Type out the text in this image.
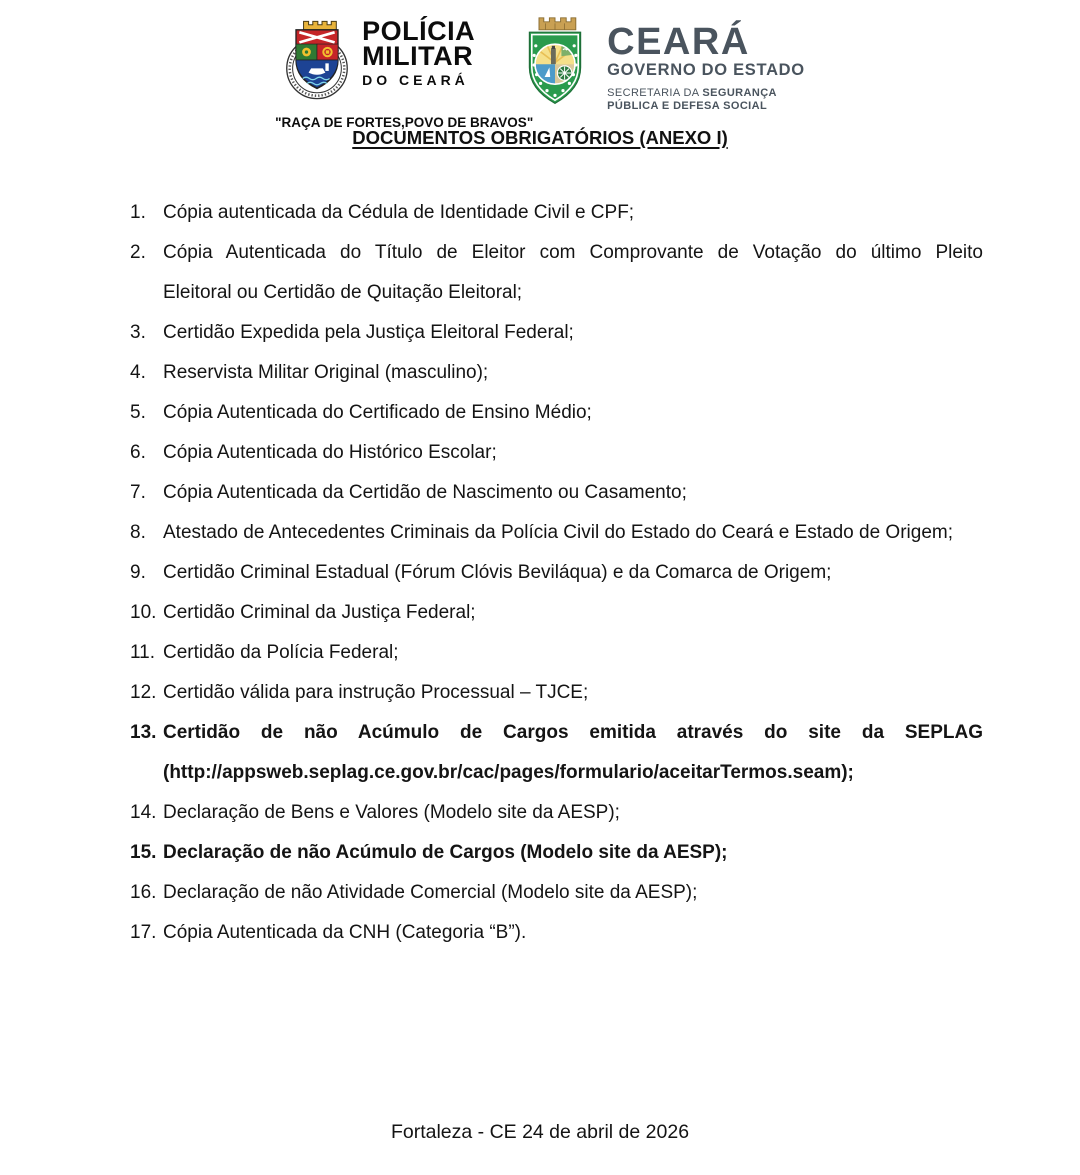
POLÍCIA
MILITAR
DO CEARÁ
"RAÇA DE FORTES,POVO DE BRAVOS"
CEARÁ
GOVERNO DO ESTADO
SECRETARIA DA SEGURANÇA
PÚBLICA E DEFESA SOCIAL
DOCUMENTOS OBRIGATÓRIOS (ANEXO I)
1. Cópia autenticada da Cédula de Identidade Civil e CPF;
2. Cópia Autenticada do Título de Eleitor com Comprovante de Votação do último Pleito Eleitoral ou Certidão de Quitação Eleitoral;
3. Certidão Expedida pela Justiça Eleitoral Federal;
4. Reservista Militar Original (masculino);
5. Cópia Autenticada do Certificado de Ensino Médio;
6. Cópia Autenticada do Histórico Escolar;
7. Cópia Autenticada da Certidão de Nascimento ou Casamento;
8. Atestado de Antecedentes Criminais da Polícia Civil do Estado do Ceará e Estado de Origem;
9. Certidão Criminal Estadual (Fórum Clóvis Beviláqua) e da Comarca de Origem;
10. Certidão Criminal da Justiça Federal;
11. Certidão da Polícia Federal;
12. Certidão válida para instrução Processual – TJCE;
13. Certidão de não Acúmulo de Cargos emitida através do site da SEPLAG (http://appsweb.seplag.ce.gov.br/cac/pages/formulario/aceitarTermos.seam);
14. Declaração de Bens e Valores (Modelo site da AESP);
15. Declaração de não Acúmulo de Cargos (Modelo site da AESP);
16. Declaração de não Atividade Comercial (Modelo site da AESP);
17. Cópia Autenticada da CNH (Categoria “B”).
Fortaleza - CE 24 de abril de 2026
